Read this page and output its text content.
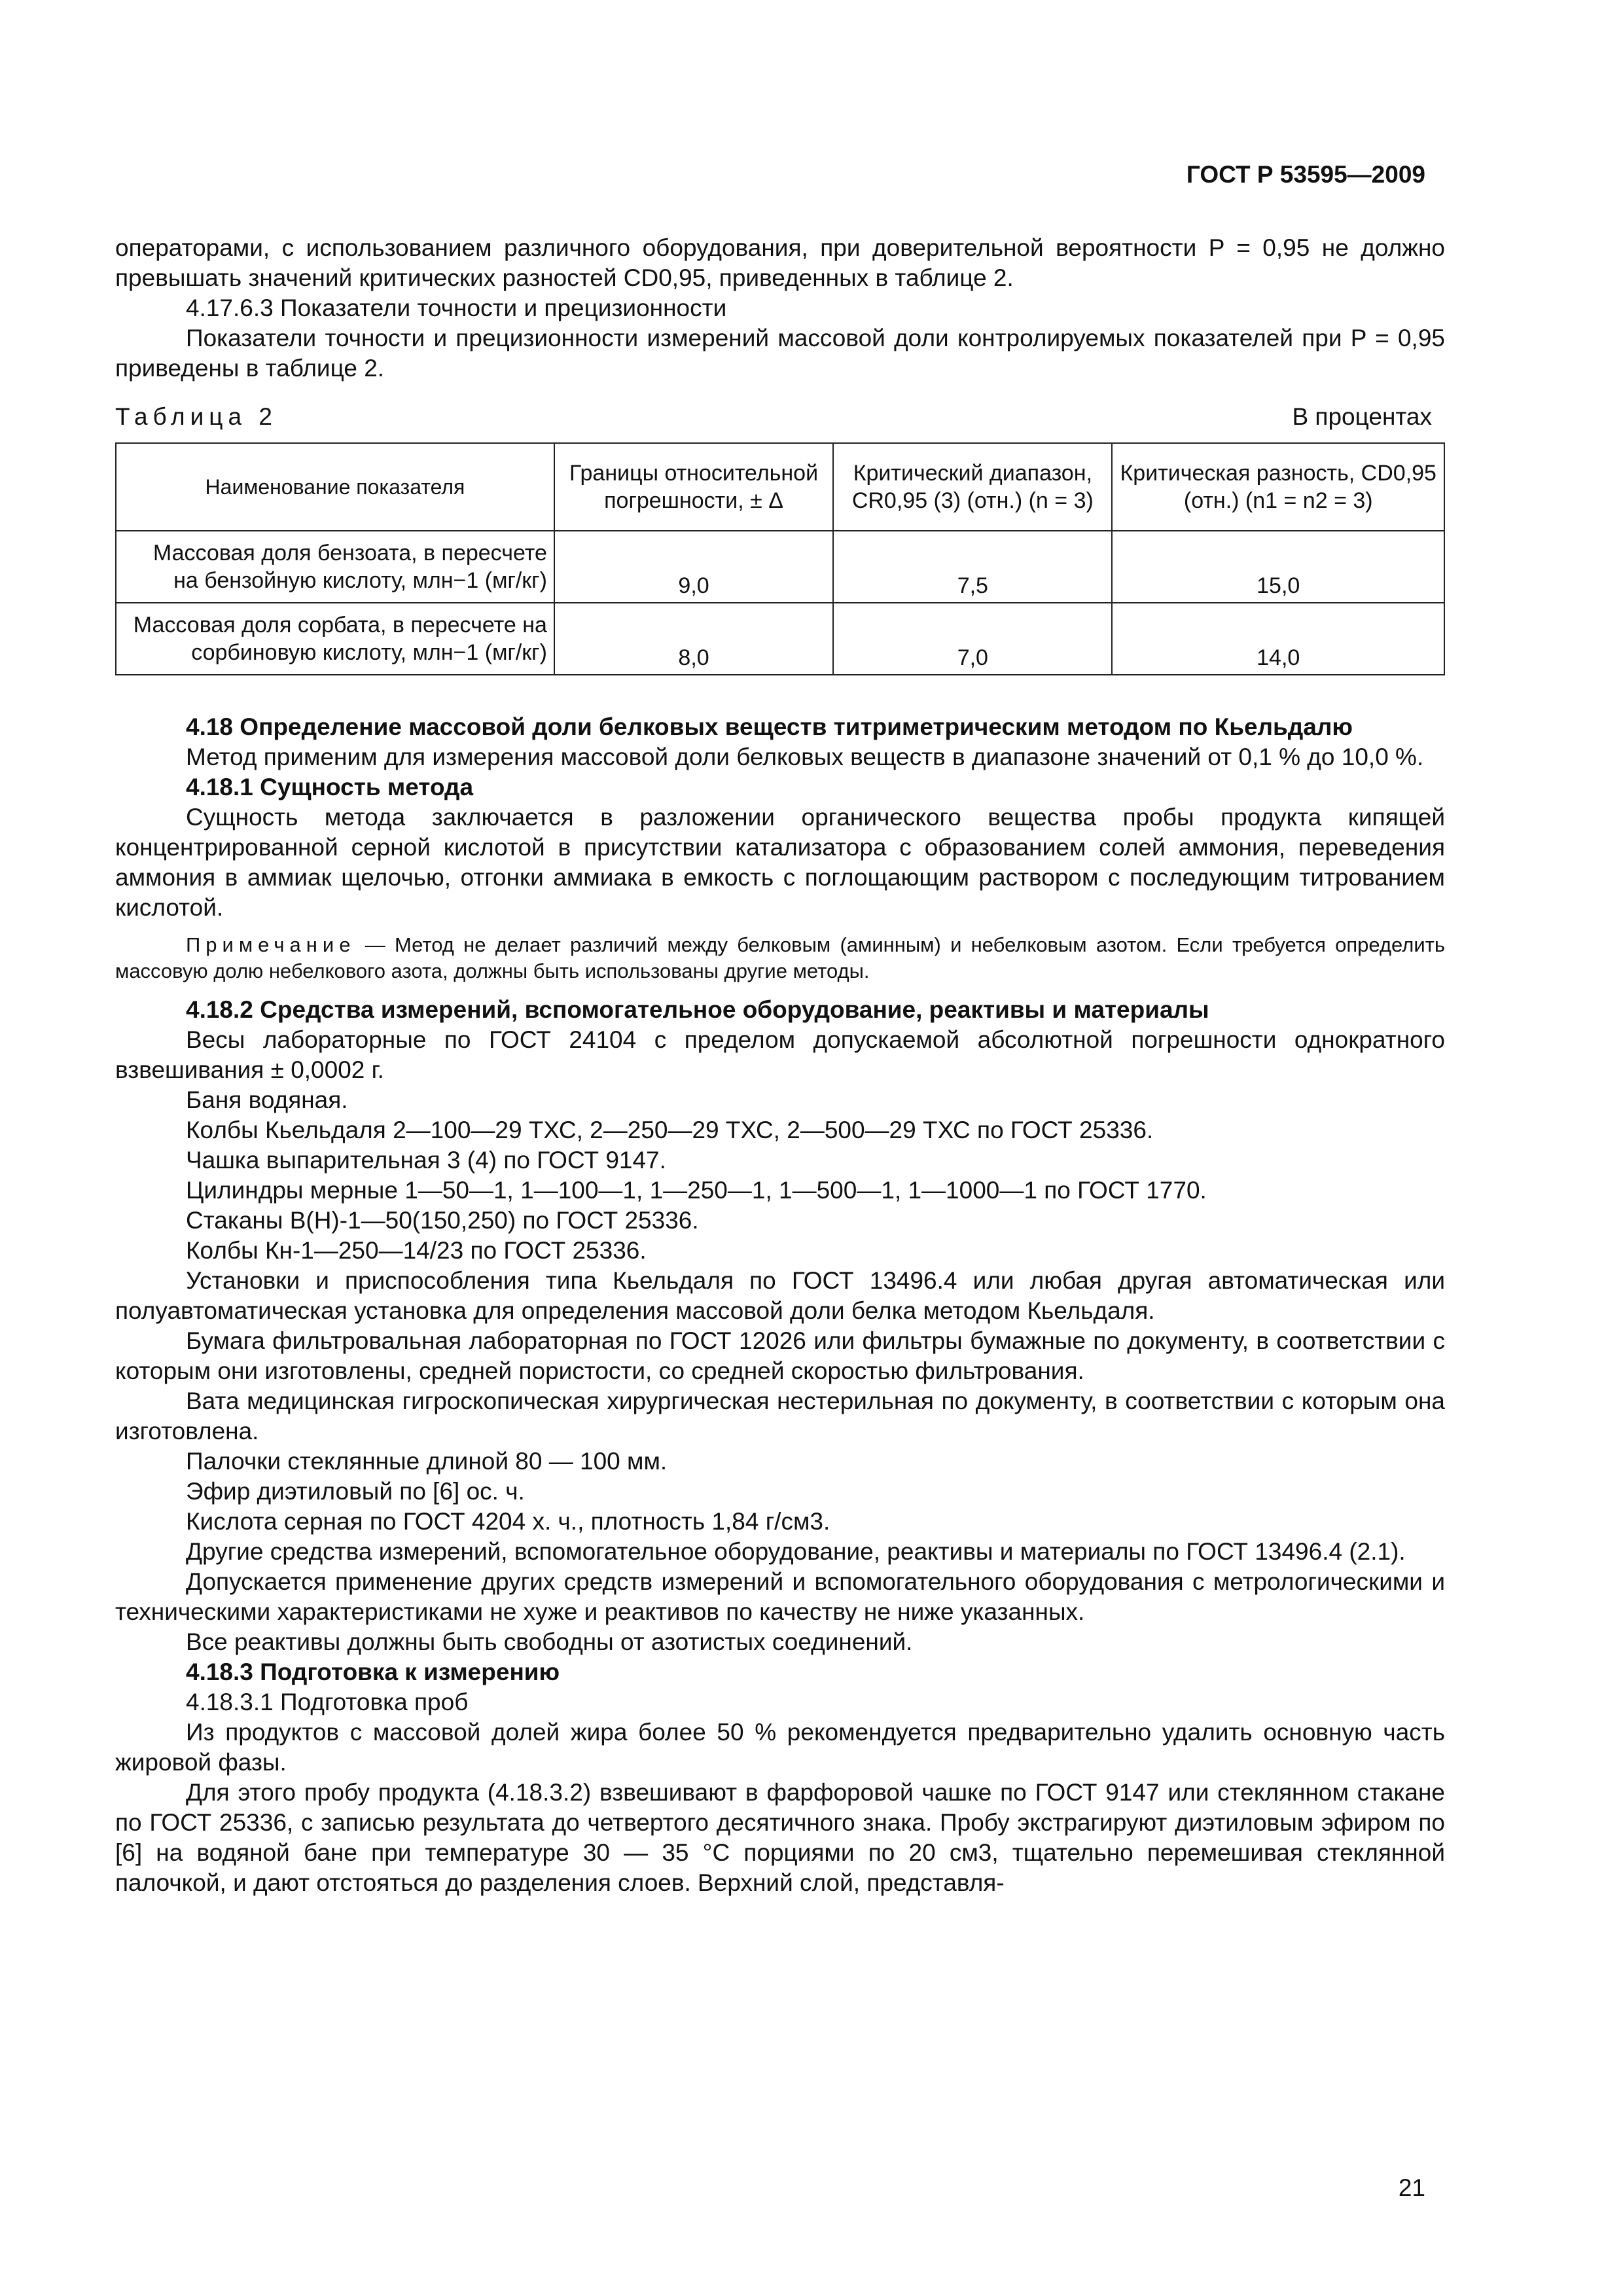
ГОСТ Р 53595—2009

операторами, с использованием различного оборудования, при доверительной вероятности P = 0,95 не должно превышать значений критических разностей CD0,95, приведенных в таблице 2.

4.17.6.3 Показатели точности и прецизионности

Показатели точности и прецизионности измерений массовой доли контролируемых показателей при P = 0,95 приведены в таблице 2.

Таблица 2	В процентах
Наименование показателя	Границы относительной погрешности, ± Δ	Критический диапазон, CR0,95 (3) (отн.) (n = 3)	Критическая разность, CD0,95 (отн.) (n1 = n2 = 3)
Массовая доля бензоата, в пересчете на бензойную кислоту, млн−1 (мг/кг)	9,0	7,5	15,0
Массовая доля сорбата, в пересчете на сорбиновую кислоту, млн−1 (мг/кг)	8,0	7,0	14,0

4.18 Определение массовой доли белковых веществ титриметрическим методом по Кьельдалю

Метод применим для измерения массовой доли белковых веществ в диапазоне значений от 0,1 % до 10,0 %.

4.18.1 Сущность метода

Сущность метода заключается в разложении органического вещества пробы продукта кипящей концентрированной серной кислотой в присутствии катализатора с образованием солей аммония, переведения аммония в аммиак щелочью, отгонки аммиака в емкость с поглощающим раствором с последующим титрованием кислотой.

Примечание — Метод не делает различий между белковым (аминным) и небелковым азотом. Если требуется определить массовую долю небелкового азота, должны быть использованы другие методы.

4.18.2 Средства измерений, вспомогательное оборудование, реактивы и материалы

Весы лабораторные по ГОСТ 24104 с пределом допускаемой абсолютной погрешности однократного взвешивания ± 0,0002 г.

Баня водяная.

Колбы Кьельдаля 2—100—29 ТХС, 2—250—29 ТХС, 2—500—29 ТХС по ГОСТ 25336.

Чашка выпарительная 3 (4) по ГОСТ 9147.

Цилиндры мерные 1—50—1, 1—100—1, 1—250—1, 1—500—1, 1—1000—1 по ГОСТ 1770.

Стаканы В(Н)-1—50(150,250) по ГОСТ 25336.

Колбы Кн-1—250—14/23 по ГОСТ 25336.

Установки и приспособления типа Кьельдаля по ГОСТ 13496.4 или любая другая автоматическая или полуавтоматическая установка для определения массовой доли белка методом Кьельдаля.

Бумага фильтровальная лабораторная по ГОСТ 12026 или фильтры бумажные по документу, в соответствии с которым они изготовлены, средней пористости, со средней скоростью фильтрования.

Вата медицинская гигроскопическая хирургическая нестерильная по документу, в соответствии с которым она изготовлена.

Палочки стеклянные длиной 80 — 100 мм.

Эфир диэтиловый по [6] ос. ч.

Кислота серная по ГОСТ 4204 х. ч., плотность 1,84 г/см3.

Другие средства измерений, вспомогательное оборудование, реактивы и материалы по ГОСТ 13496.4 (2.1).

Допускается применение других средств измерений и вспомогательного оборудования с метрологическими и техническими характеристиками не хуже и реактивов по качеству не ниже указанных.

Все реактивы должны быть свободны от азотистых соединений.

4.18.3 Подготовка к измерению

4.18.3.1 Подготовка проб

Из продуктов с массовой долей жира более 50 % рекомендуется предварительно удалить основную часть жировой фазы.

Для этого пробу продукта (4.18.3.2) взвешивают в фарфоровой чашке по ГОСТ 9147 или стеклянном стакане по ГОСТ 25336, с записью результата до четвертого десятичного знака. Пробу экстрагируют диэтиловым эфиром по [6] на водяной бане при температуре 30 — 35 °С порциями по 20 см3, тщательно перемешивая стеклянной палочкой, и дают отстояться до разделения слоев. Верхний слой, представля-

21
